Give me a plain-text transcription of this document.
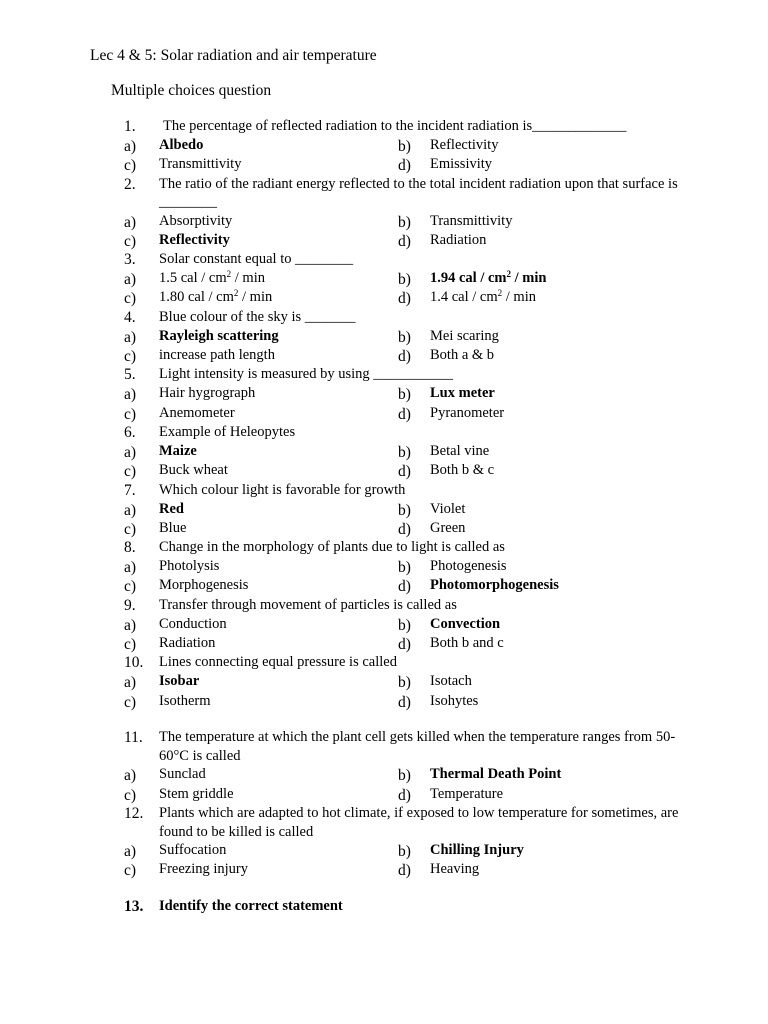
Lec 4 & 5: Solar radiation and air temperature
Multiple choices question
1. The percentage of reflected radiation to the incident radiation is_____________
a) Albedo	b) Reflectivity
c) Transmittivity	d) Emissivity
2. The ratio of the radiant energy reflected to the total incident radiation upon that surface is ________
a) Absorptivity	b) Transmittivity
c) Reflectivity	d) Radiation
3. Solar constant equal to ________
a) 1.5 cal / $cm^2$ / min	b) 1.94 cal / $cm^2$ / min
c) 1.80 cal / $cm^2$ / min	d) 1.4 cal / $cm^2$ / min
4. Blue colour of the sky is _______
a) Rayleigh scattering	b) Mei scaring
c) increase path length	d) Both a & b
5. Light intensity is measured by using ___________
a) Hair hygrograph	b) Lux meter
c) Anemometer	d) Pyranometer
6. Example of Heleopytes
a) Maize	b) Betal vine
c) Buck wheat	d) Both b & c
7. Which colour light is favorable for growth
a) Red	b) Violet
c) Blue	d) Green
8. Change in the morphology of plants due to light is called as
a) Photolysis	b) Photogenesis
c) Morphogenesis	d) Photomorphogenesis
9. Transfer through movement of particles is called as
a) Conduction	b) Convection
c) Radiation	d) Both b and c
10. Lines connecting equal pressure is called
a) Isobar	b) Isotach
c) Isotherm	d) Isohytes
11. The temperature at which the plant cell gets killed when the temperature ranges from 50-60°C is called
a) Sunclad	b) Thermal Death Point
c) Stem griddle	d) Temperature
12. Plants which are adapted to hot climate, if exposed to low temperature for sometimes, are found to be killed is called
a) Suffocation	b) Chilling Injury
c) Freezing injury	d) Heaving
13. Identify the correct statement
